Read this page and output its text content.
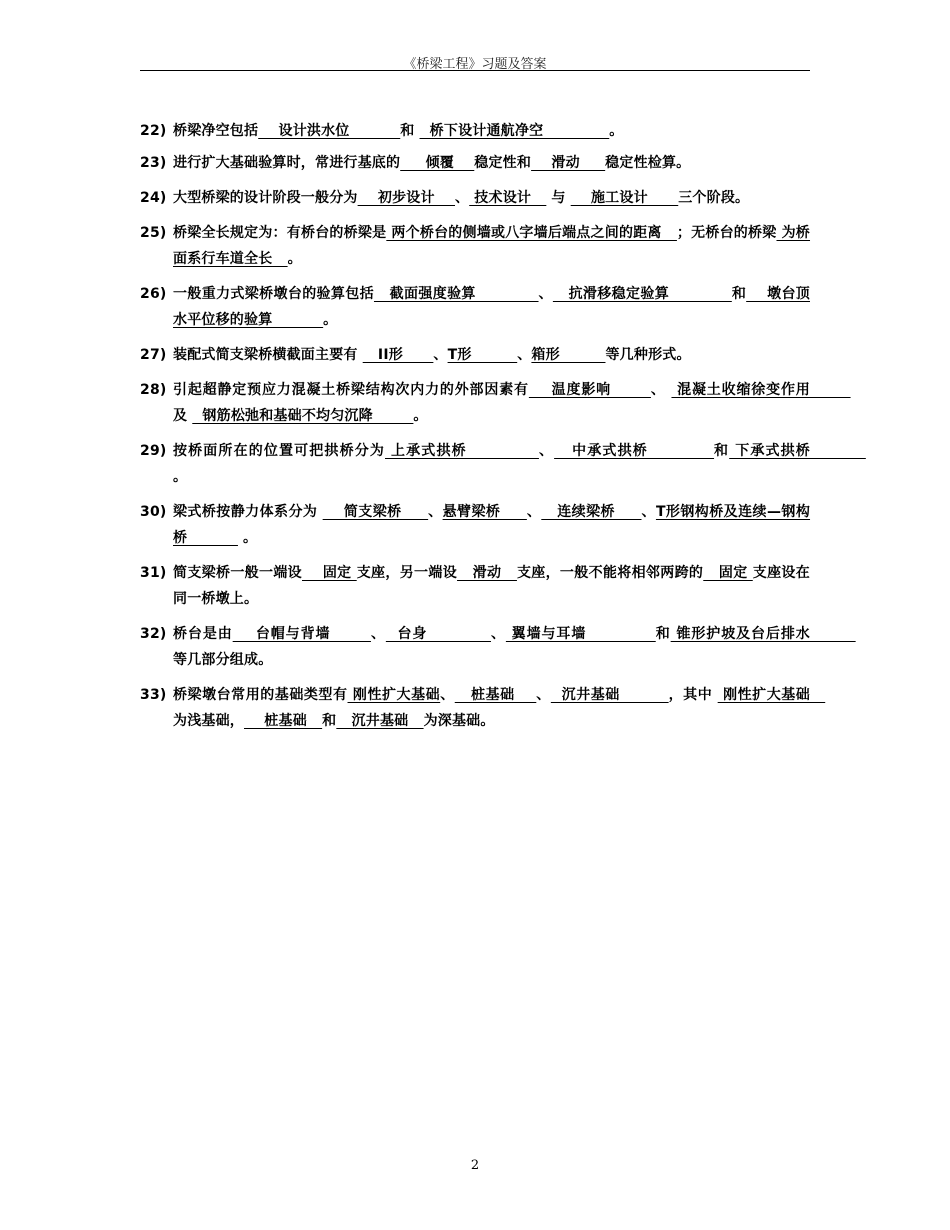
《桥梁工程》习题及答案
22) 桥梁净空包括    设计洪水位          和   桥下设计通航净空             。
23) 进行扩大基础验算时，常进行基底的     倾覆    稳定性和    滑动     稳定性检算。
24) 大型桥梁的设计阶段一般分为    初步设计    、 技术设计    与     施工设计      三个阶段。
25) 桥梁全长规定为：有桥台的桥梁是 两个桥台的侧墙或八字墙后端点之间的距离   ；无桥台的桥梁 为桥面系行车道全长   。
26) 一般重力式梁桥墩台的验算包括   截面强度验算            、   抗滑移稳定验算            和    墩台顶水平位移的验算          。
27) 装配式简支梁桥横截面主要有    II形      、T形         、箱形         等几种形式。
28) 引起超静定预应力混凝土桥梁结构次内力的外部因素有    温度影响       、  混凝土收缩徐变作用         及   钢筋松弛和基础不均匀沉降        。
29) 按桥面所在的位置可把拱桥分为 上承式拱桥            、   中承式拱桥           和 下承式拱桥           。
30) 梁式桥按静力体系分为     简支梁桥     、悬臂梁桥     、   连续梁桥     、T形钢构桥及连续—钢构桥           。
31) 简支梁桥一般一端设    固定 支座，另一端设   滑动   支座，一般不能将相邻两跨的   固定 支座设在同一桥墩上。
32) 桥台是由    台帽与背墙       、  台身           、 翼墙与耳墙            和 锥形护坡及台后排水         等几部分组成。
33) 桥梁墩台常用的基础类型有 刚性扩大基础、   桩基础    、  沉井基础         ，其中  刚性扩大基础   为浅基础，    桩基础   和   沉井基础   为深基础。
2
